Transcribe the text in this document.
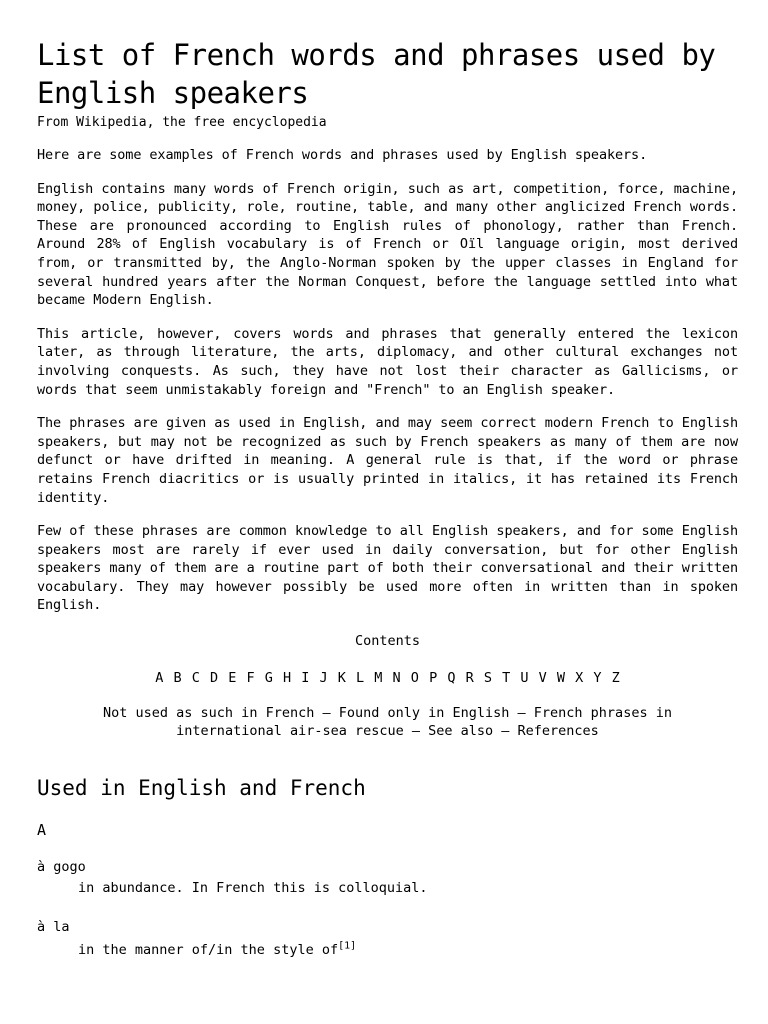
List of French words and phrases used by English speakers
From Wikipedia, the free encyclopedia

Here are some examples of French words and phrases used by English speakers.

English contains many words of French origin, such as art, competition, force, machine, money, police, publicity, role, routine, table, and many other anglicized French words. These are pronounced according to English rules of phonology, rather than French. Around 28% of English vocabulary is of French or Oïl language origin, most derived from, or transmitted by, the Anglo-Norman spoken by the upper classes in England for several hundred years after the Norman Conquest, before the language settled into what became Modern English.

This article, however, covers words and phrases that generally entered the lexicon later, as through literature, the arts, diplomacy, and other cultural exchanges not involving conquests. As such, they have not lost their character as Gallicisms, or words that seem unmistakably foreign and "French" to an English speaker.

The phrases are given as used in English, and may seem correct modern French to English speakers, but may not be recognized as such by French speakers as many of them are now defunct or have drifted in meaning. A general rule is that, if the word or phrase retains French diacritics or is usually printed in italics, it has retained its French identity.

Few of these phrases are common knowledge to all English speakers, and for some English speakers most are rarely if ever used in daily conversation, but for other English speakers many of them are a routine part of both their conversational and their written vocabulary. They may however possibly be used more often in written than in spoken English.

Contents
A B C D E F G H I J K L M N O P Q R S T U V W X Y Z
Not used as such in French — Found only in English — French phrases in
international air-sea rescue — See also — References
Used in English and French
A
à gogo
in abundance. In French this is colloquial.
à la
in the manner of/in the style of[1]
